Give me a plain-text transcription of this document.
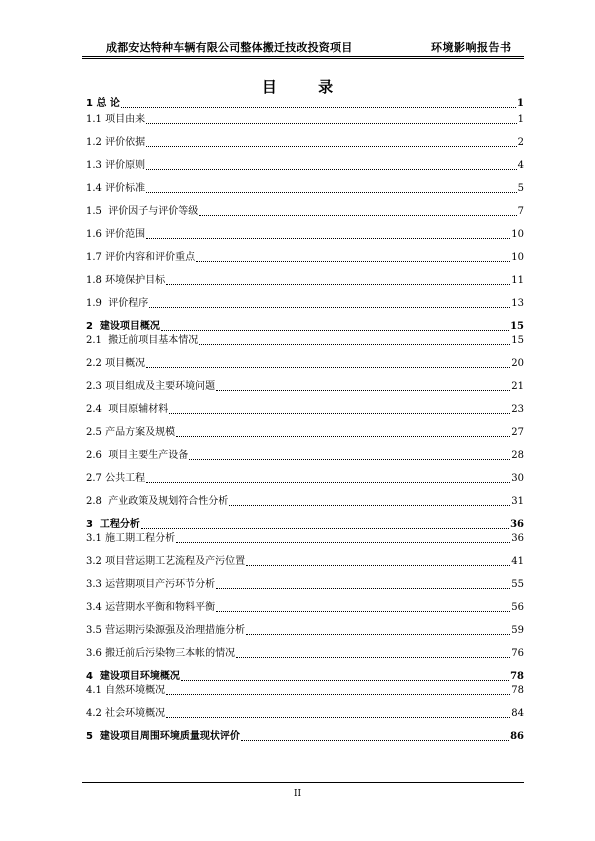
成都安达特种车辆有限公司整体搬迁技改投资项目	环境影响报告书
目 录
1 总 论	1
1.1 项目由来	1
1.2 评价依据	2
1.3 评价原则	4
1.4 评价标准	5
1.5  评价因子与评价等级	7
1.6 评价范围	10
1.7 评价内容和评价重点	10
1.8 环境保护目标	11
1.9  评价程序	13
2  建设项目概况	15
2.1  搬迁前项目基本情况	15
2.2 项目概况	20
2.3 项目组成及主要环境问题	21
2.4  项目原辅材料	23
2.5 产品方案及规模	27
2.6  项目主要生产设备	28
2.7 公共工程	30
2.8  产业政策及规划符合性分析	31
3  工程分析	36
3.1 施工期工程分析	36
3.2 项目营运期工艺流程及产污位置	41
3.3 运营期项目产污环节分析	55
3.4 运营期水平衡和物料平衡	56
3.5 营运期污染源强及治理措施分析	59
3.6 搬迁前后污染物三本帐的情况	76
4  建设项目环境概况	78
4.1 自然环境概况	78
4.2 社会环境概况	84
5  建设项目周围环境质量现状评价	86
II
